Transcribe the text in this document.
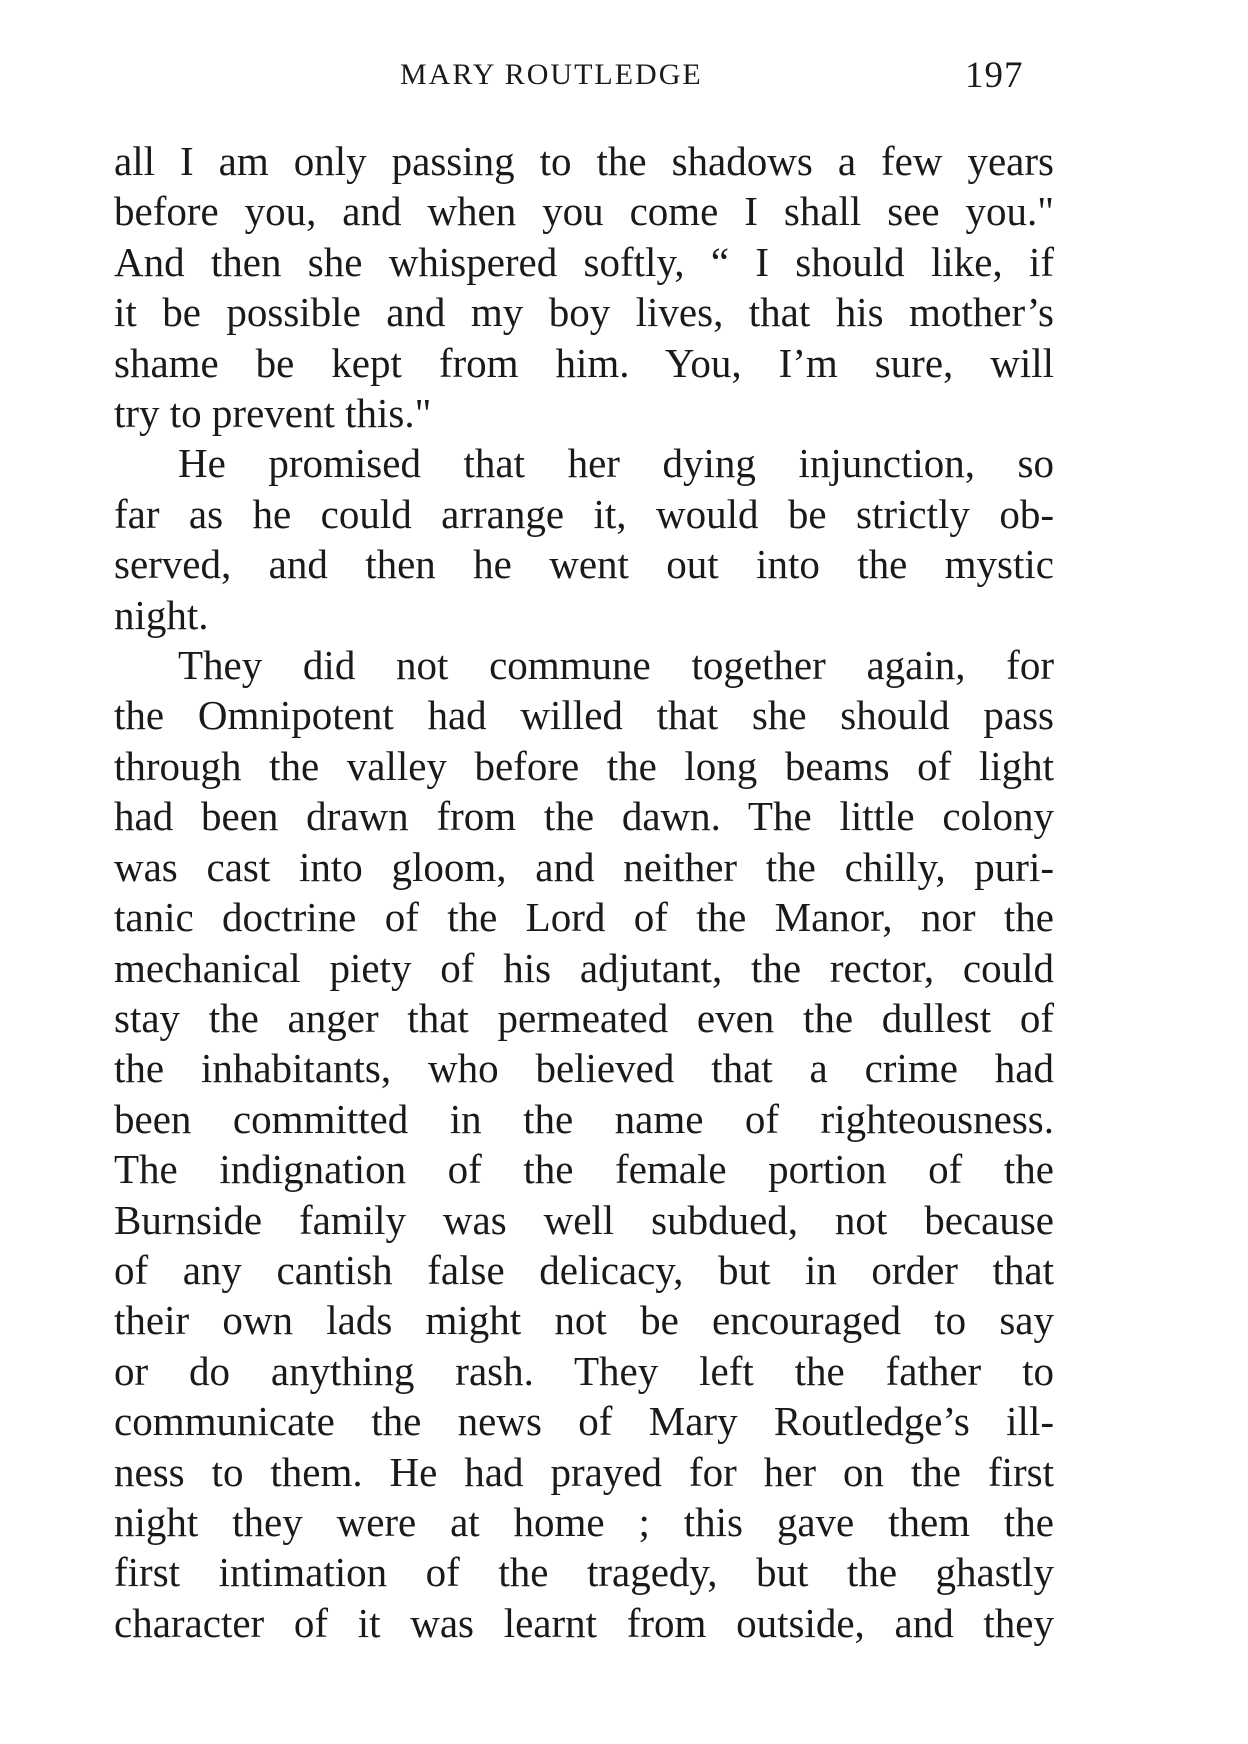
MARY ROUTLEDGE	197

all I am only passing to the shadows a few years
before you, and when you come I shall see you."
And then she whispered softly, “ I should like, if
it be possible and my boy lives, that his mother’s
shame be kept from him. You, I’m sure, will
try to prevent this."

He promised that her dying injunction, so
far as he could arrange it, would be strictly ob-
served, and then he went out into the mystic
night.

They did not commune together again, for
the Omnipotent had willed that she should pass
through the valley before the long beams of light
had been drawn from the dawn. The little colony
was cast into gloom, and neither the chilly, puri-
tanic doctrine of the Lord of the Manor, nor the
mechanical piety of his adjutant, the rector, could
stay the anger that permeated even the dullest of
the inhabitants, who believed that a crime had
been committed in the name of righteousness.
The indignation of the female portion of the
Burnside family was well subdued, not because
of any cantish false delicacy, but in order that
their own lads might not be encouraged to say
or do anything rash. They left the father to
communicate the news of Mary Routledge’s ill-
ness to them. He had prayed for her on the first
night they were at home ; this gave them the
first intimation of the tragedy, but the ghastly
character of it was learnt from outside, and they
